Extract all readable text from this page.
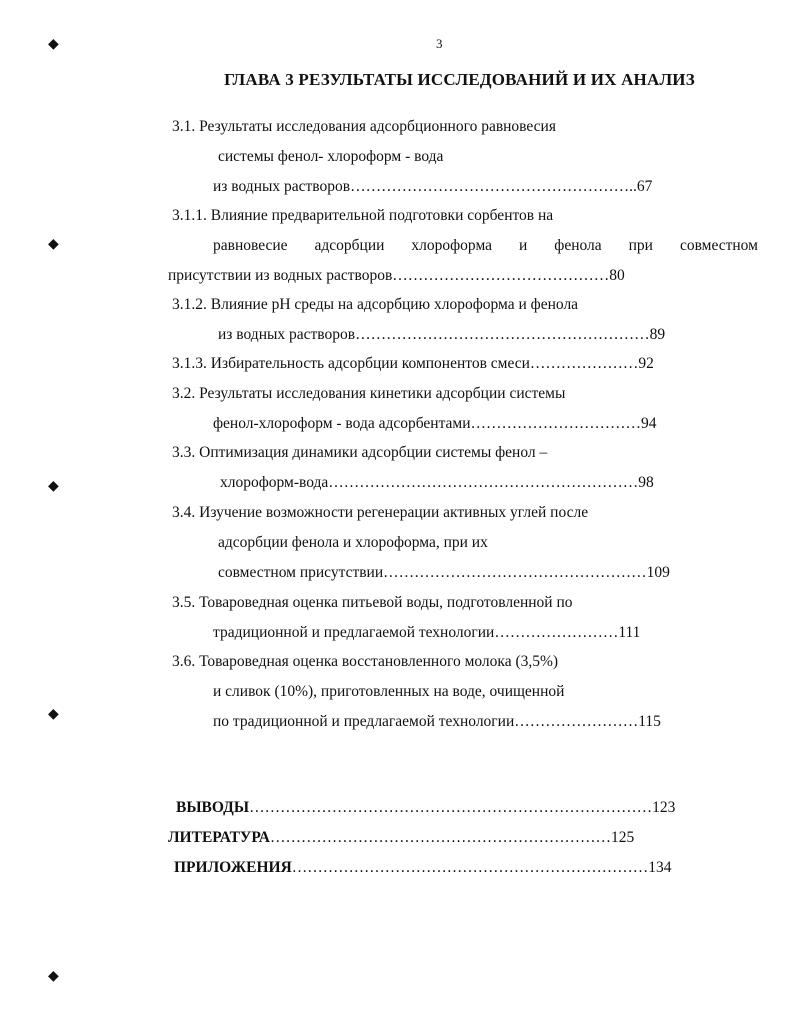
3
ГЛАВА 3 РЕЗУЛЬТАТЫ ИССЛЕДОВАНИЙ И ИХ АНАЛИЗ
◆
◆
◆
◆
◆
3.1. Результаты исследования адсорбционного равновесия
системы фенол- хлороформ - вода
из водных растворов………………………………………………..67
3.1.1. Влияние предварительной подготовки сорбентов на
равновесие адсорбции хлороформа и фенола при совместном
присутствии из водных растворов……………………………………80
3.1.2. Влияние рН среды на адсорбцию хлороформа и фенола
из водных растворов…………………………………………………89
3.1.3. Избирательность адсорбции компонентов смеси…………………92
3.2. Результаты исследования кинетики адсорбции системы
фенол-хлороформ - вода адсорбентами……………………………94
3.3. Оптимизация динамики адсорбции системы фенол –
хлороформ-вода……………………………………………………98
3.4. Изучение возможности регенерации активных углей после
адсорбции фенола и хлороформа, при их
совместном присутствии……………………………………………109
3.5. Товароведная оценка питьевой воды, подготовленной по
традиционной и предлагаемой технологии……………………111
3.6. Товароведная оценка восстановленного молока (3,5%)
и сливок (10%), приготовленных на воде, очищенной
по традиционной и предлагаемой технологии……………………115
ВЫВОДЫ……………………………………………………………………123
ЛИТЕРАТУРА…………………………………………………………125
ПРИЛОЖЕНИЯ……………………………………………………………134
